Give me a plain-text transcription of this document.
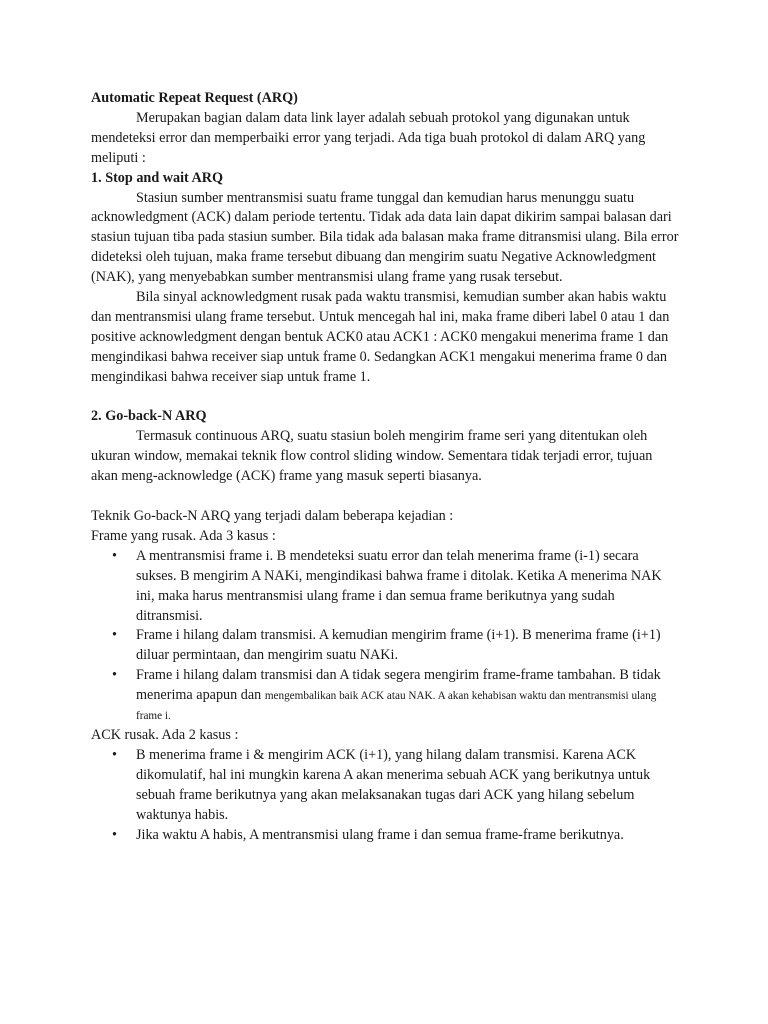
Automatic Repeat Request (ARQ)

Merupakan bagian dalam data link layer adalah sebuah protokol yang digunakan untuk mendeteksi error dan memperbaiki error yang terjadi. Ada tiga buah protokol di dalam ARQ yang meliputi :

1. Stop and wait ARQ

Stasiun sumber mentransmisi suatu frame tunggal dan kemudian harus menunggu suatu acknowledgment (ACK) dalam periode tertentu. Tidak ada data lain dapat dikirim sampai balasan dari stasiun tujuan tiba pada stasiun sumber. Bila tidak ada balasan maka frame ditransmisi ulang. Bila error dideteksi oleh tujuan, maka frame tersebut dibuang dan mengirim suatu Negative Acknowledgment (NAK), yang menyebabkan sumber mentransmisi ulang frame yang rusak tersebut.

Bila sinyal acknowledgment rusak pada waktu transmisi, kemudian sumber akan habis waktu dan mentransmisi ulang frame tersebut. Untuk mencegah hal ini, maka frame diberi label 0 atau 1 dan positive acknowledgment dengan bentuk ACK0 atau ACK1 : ACK0 mengakui menerima frame 1 dan mengindikasi bahwa receiver siap untuk frame 0. Sedangkan ACK1 mengakui menerima frame 0 dan mengindikasi bahwa receiver siap untuk frame 1.

2. Go-back-N ARQ

Termasuk continuous ARQ, suatu stasiun boleh mengirim frame seri yang ditentukan oleh ukuran window, memakai teknik flow control sliding window. Sementara tidak terjadi error, tujuan akan meng-acknowledge (ACK) frame yang masuk seperti biasanya.

Teknik Go-back-N ARQ yang terjadi dalam beberapa kejadian :

Frame yang rusak. Ada 3 kasus :

• A mentransmisi frame i. B mendeteksi suatu error dan telah menerima frame (i-1) secara sukses. B mengirim A NAKi, mengindikasi bahwa frame i ditolak. Ketika A menerima NAK ini, maka harus mentransmisi ulang frame i dan semua frame berikutnya yang sudah ditransmisi.
• Frame i hilang dalam transmisi. A kemudian mengirim frame (i+1). B menerima frame (i+1) diluar permintaan, dan mengirim suatu NAKi.
• Frame i hilang dalam transmisi dan A tidak segera mengirim frame-frame tambahan. B tidak menerima apapun dan mengembalikan baik ACK atau NAK. A akan kehabisan waktu dan mentransmisi ulang frame i.

ACK rusak. Ada 2 kasus :

• B menerima frame i & mengirim ACK (i+1), yang hilang dalam transmisi. Karena ACK dikomulatif, hal ini mungkin karena A akan menerima sebuah ACK yang berikutnya untuk sebuah frame berikutnya yang akan melaksanakan tugas dari ACK yang hilang sebelum waktunya habis.
• Jika waktu A habis, A mentransmisi ulang frame i dan semua frame-frame berikutnya.
